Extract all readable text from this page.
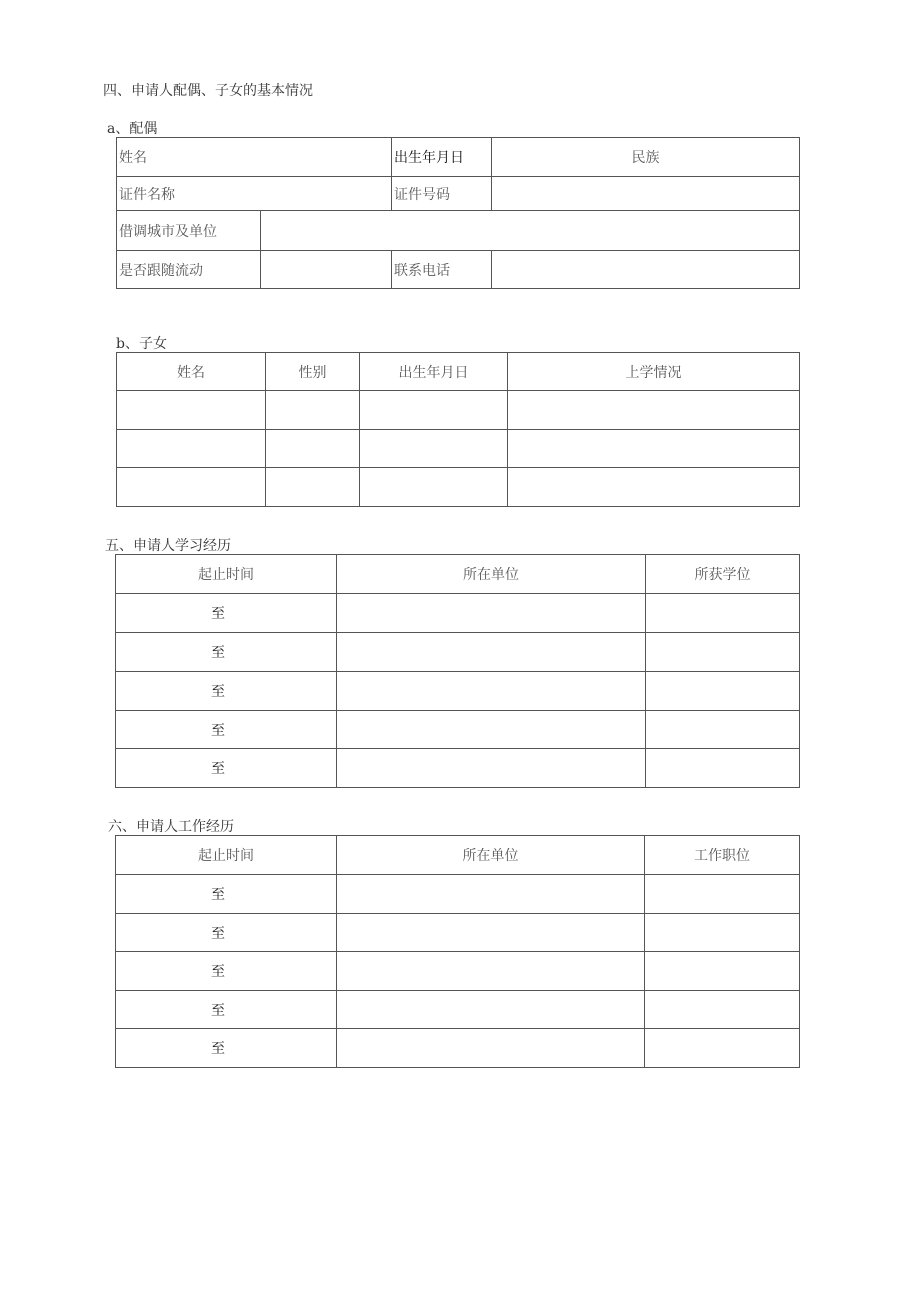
四、申请人配偶、子女的基本情况
a、配偶
姓名		出生年月日	民族
证件名称		证件号码	
借调城市及单位			
是否跟随流动		联系电话	
b、子女
姓名	性别	出生年月日	上学情况

五、申请人学习经历
起止时间	所在单位	所获学位
至		
至		
至		
至		
至		
六、申请人工作经历
起止时间	所在单位	工作职位
至		
至		
至		
至		
至		
